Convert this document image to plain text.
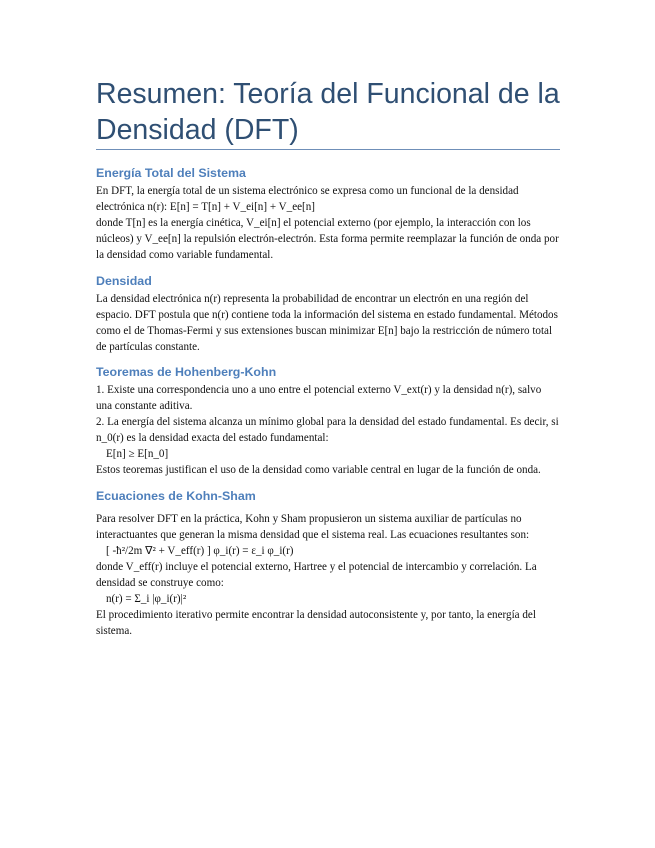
Resumen: Teoría del Funcional de la Densidad (DFT)
Energía Total del Sistema

En DFT, la energía total de un sistema electrónico se expresa como un funcional de la densidad electrónica n(r): E[n] = T[n] + V_ei[n] + V_ee[n]

donde T[n] es la energía cinética, V_ei[n] el potencial externo (por ejemplo, la interacción con los núcleos) y V_ee[n] la repulsión electrón-electrón. Esta forma permite reemplazar la función de onda por la densidad como variable fundamental.

Densidad

La densidad electrónica n(r) representa la probabilidad de encontrar un electrón en una región del espacio. DFT postula que n(r) contiene toda la información del sistema en estado fundamental. Métodos como el de Thomas-Fermi y sus extensiones buscan minimizar E[n] bajo la restricción de número total de partículas constante.

Teoremas de Hohenberg-Kohn

1. Existe una correspondencia uno a uno entre el potencial externo V_ext(r) y la densidad n(r), salvo una constante aditiva.

2. La energía del sistema alcanza un mínimo global para la densidad del estado fundamental. Es decir, si n_0(r) es la densidad exacta del estado fundamental:

E[n] ≥ E[n_0]

Estos teoremas justifican el uso de la densidad como variable central en lugar de la función de onda.

Ecuaciones de Kohn-Sham

Para resolver DFT en la práctica, Kohn y Sham propusieron un sistema auxiliar de partículas no interactuantes que generan la misma densidad que el sistema real. Las ecuaciones resultantes son:

[ -ħ²/2m ∇² + V_eff(r) ] φ_i(r) = ε_i φ_i(r)

donde V_eff(r) incluye el potencial externo, Hartree y el potencial de intercambio y correlación. La densidad se construye como:

n(r) = Σ_i |φ_i(r)|²

El procedimiento iterativo permite encontrar la densidad autoconsistente y, por tanto, la energía del sistema.
